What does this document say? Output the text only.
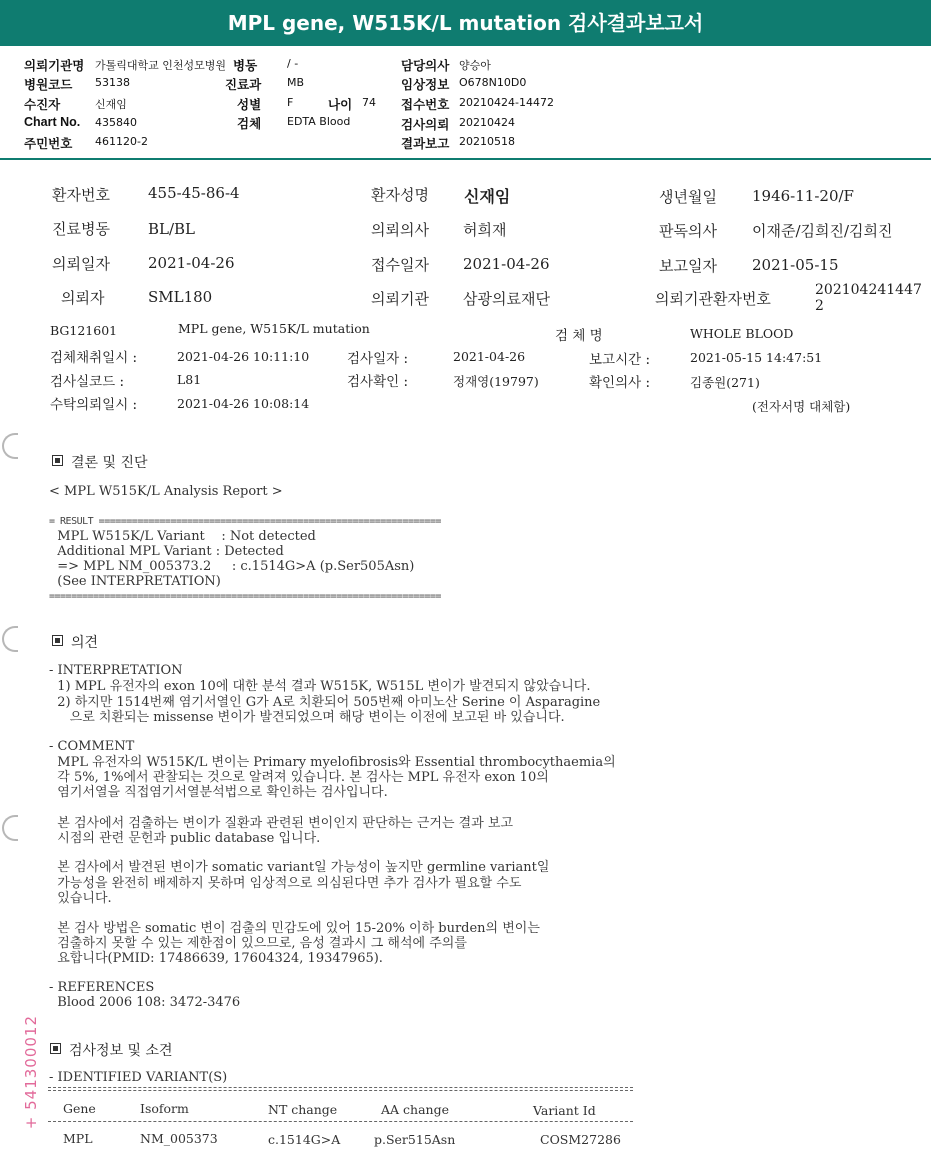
MPL gene, W515K/L mutation 검사결과보고서
의뢰기관명 가톨릭대학교 인천성모병원 병동	/ -	담당의사 양승아
병원코드 53138	진료과 MB	임상정보 O678N10D0
수진자	신재임	성별 F	나이 74 접수번호 20210424-14472
Chart No. 435840	검체 EDTA Blood	검사의뢰 20210424
주민번호 461120-2	결과보고 20210518
환자번호	455-45-86-4	환자성명 신재임	생년월일 1946-11-20/F
진료병동	BL/BL	의뢰의사 허희재	판독의사 이재준/김희진/김희진
의뢰일자	2021-04-26	접수일자 2021-04-26	보고일자 2021-05-15
의뢰자	SML180	의뢰기관 삼광의료재단	의뢰기관환자번호	202104241447
2
BG121601	MPL gene, W515K/L mutation	검 체 명	WHOLE BLOOD
검체채취일시 :	2021-04-26 10:11:10	검사일자 :	2021-04-26	보고시간 :	2021-05-15 14:47:51
검사실코드 :	L81	검사확인 :	정재영(19797)	확인의사 :	김종원(271)
수탁의뢰일시 :	2021-04-26 10:08:14	(전자서명 대체함)
결론 및 진단
< MPL W515K/L Analysis Report >
= RESULT ==============================================================
MPL W515K/L Variant    : Not detected
Additional MPL Variant : Detected
=> MPL NM_005373.2     : c.1514G>A (p.Ser505Asn)
(See INTERPRETATION)
=======================================================================
의견
- INTERPRETATION
1) MPL 유전자의 exon 10에 대한 분석 결과 W515K, W515L 변이가 발견되지 않았습니다.
2) 하지만 1514번째 염기서열인 G가 A로 치환되어 505번째 아미노산 Serine 이 Asparagine
으로 치환되는 missense 변이가 발견되었으며 해당 변이는 이전에 보고된 바 있습니다.
- COMMENT
MPL 유전자의 W515K/L 변이는 Primary myelofibrosis와 Essential thrombocythaemia의
각 5%, 1%에서 관찰되는 것으로 알려져 있습니다. 본 검사는 MPL 유전자 exon 10의
염기서열을 직접염기서열분석법으로 확인하는 검사입니다.
본 검사에서 검출하는 변이가 질환과 관련된 변이인지 판단하는 근거는 결과 보고
시점의 관련 문헌과 public database 입니다.
본 검사에서 발견된 변이가 somatic variant일 가능성이 높지만 germline variant일
가능성을 완전히 배제하지 못하며 임상적으로 의심된다면 추가 검사가 필요할 수도
있습니다.
본 검사 방법은 somatic 변이 검출의 민감도에 있어 15-20% 이하 burden의 변이는
검출하지 못할 수 있는 제한점이 있으므로, 음성 결과시 그 해석에 주의를
요합니다(PMID: 17486639, 17604324, 19347965).
- REFERENCES
Blood 2006 108: 3472-3476
검사정보 및 소견
- IDENTIFIED VARIANT(S)
Gene	Isoform	NT change	AA change	Variant Id
MPL	NM_005373	c.1514G>A	p.Ser515Asn	COSM27286
+ 541300012
